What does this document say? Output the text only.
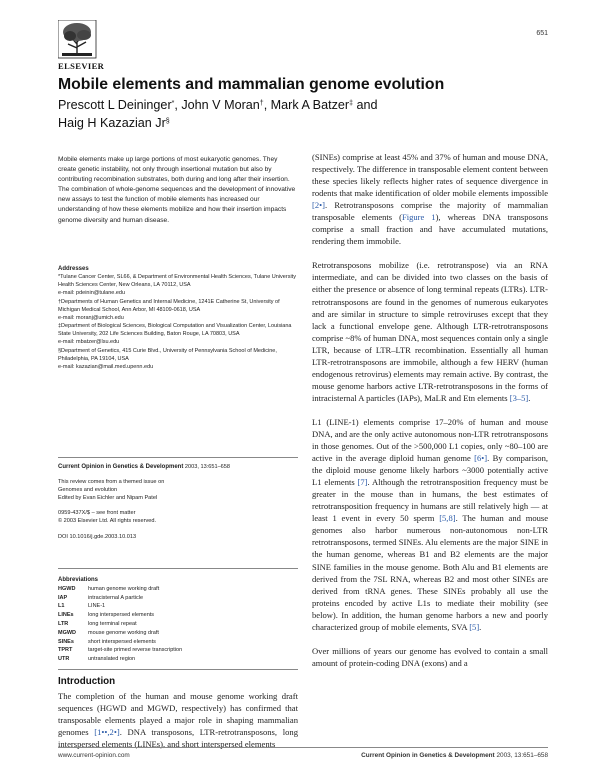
651
ELSEVIER
Mobile elements and mammalian genome evolution
Prescott L Deininger*, John V Moran†, Mark A Batzer‡ and
Haig H Kazazian Jr§
Mobile elements make up large portions of most eukaryotic genomes. They create genetic instability, not only through insertional mutation but also by contributing recombination substrates, both during and long after their insertion. The combination of whole-genome sequences and the development of innovative new assays to test the function of mobile elements has increased our understanding of how these elements mobilize and how their insertion impacts genome diversity and human disease.

Addresses

*Tulane Cancer Center, SL66, & Department of Environmental Health Sciences, Tulane University Health Sciences Center, New Orleans, LA 70112, USA

e-mail: pdeinin@tulane.edu

†Departments of Human Genetics and Internal Medicine, 1241E Catherine St, University of Michigan Medical School, Ann Arbor, MI 48109-0618, USA

e-mail: moranj@umich.edu

‡Department of Biological Sciences, Biological Computation and Visualization Center, Louisiana State University, 202 Life Sciences Building, Baton Rouge, LA 70803, USA

e-mail: mbatzer@lsu.edu

§Department of Genetics, 415 Curie Blvd., University of Pennsylvania School of Medicine, Philadelphia, PA 19104, USA

e-mail: kazazian@mail.med.upenn.edu

Current Opinion in Genetics & Development 2003, 13:651–658

This review comes from a themed issue on

Genomes and evolution

Edited by Evan Eichler and Nipam Patel

0959-437X/$ – see front matter

© 2003 Elsevier Ltd. All rights reserved.

DOI 10.1016/j.gde.2003.10.013

Abbreviations
HGWD	human genome working draft
IAP	intracisternal A particle
L1	LINE-1
LINEs	long interspersed elements
LTR	long terminal repeat
MGWD	mouse genome working draft
SINEs	short interspersed elements
TPRT	target-site primed reverse transcription
UTR	untranslated region
Introduction
The completion of the human and mouse genome working draft sequences (HGWD and MGWD, respectively) has confirmed that transposable elements played a major role in shaping mammalian genomes [1••,2•]. DNA transposons, LTR-retrotransposons, long interspersed elements (LINEs), and short interspersed elements

(SINEs) comprise at least 45% and 37% of human and mouse DNA, respectively. The difference in transposable element content between these species likely reflects higher rates of sequence divergence in rodents that make identification of older mobile elements impossible [2•]. Retrotransposons comprise the majority of mammalian transposable elements (Figure 1), whereas DNA transposons comprise a small fraction and have accumulated mutations, rendering them immobile.

Retrotransposons mobilize (i.e. retrotranspose) via an RNA intermediate, and can be divided into two classes on the basis of either the presence or absence of long terminal repeats (LTRs). LTR-retrotransposons are found in the genomes of numerous eukaryotes and are similar in structure to simple retroviruses except that they lack a functional envelope gene. Although LTR-retrotransposons comprise ~8% of human DNA, most sequences contain only a single LTR, because of LTR–LTR recombination. Essentially all human LTR-retrotransposons are immobile, although a few HERV (human endogenous retrovirus) elements may remain active. By contrast, the mouse genome harbors active LTR-retrotransposons in the forms of intracisternal A particles (IAPs), MaLR and Etn elements [3–5].

L1 (LINE-1) elements comprise 17–20% of human and mouse DNA, and are the only active autonomous non-LTR retrotransposons in those genomes. Out of the >500,000 L1 copies, only ~80–100 are active in the average diploid human genome [6•]. By comparison, the diploid mouse genome likely harbors ~3000 potentially active L1 elements [7]. Although the retrotransposition frequency must be greater in the mouse than in humans, the best estimates of retrotransposition frequency in humans are still relatively high — at least 1 event in every 50 sperm [5,8]. The human and mouse genomes also harbor numerous non-autonomous non-LTR retrotransposons, termed SINEs. Alu elements are the major SINE in the human genome, whereas B1 and B2 elements are the major SINE families in the mouse genome. Both Alu and B1 elements are derived from the 7SL RNA, whereas B2 and most other SINEs are derived from tRNA genes. These SINEs probably all use the proteins encoded by active L1s to mediate their mobility (see below). In addition, the human genome harbors a new and poorly characterized group of mobile elements, SVA [5].

Over millions of years our genome has evolved to contain a small amount of protein-coding DNA (exons) and a

www.current-opinion.com	Current Opinion in Genetics & Development 2003, 13:651–658
